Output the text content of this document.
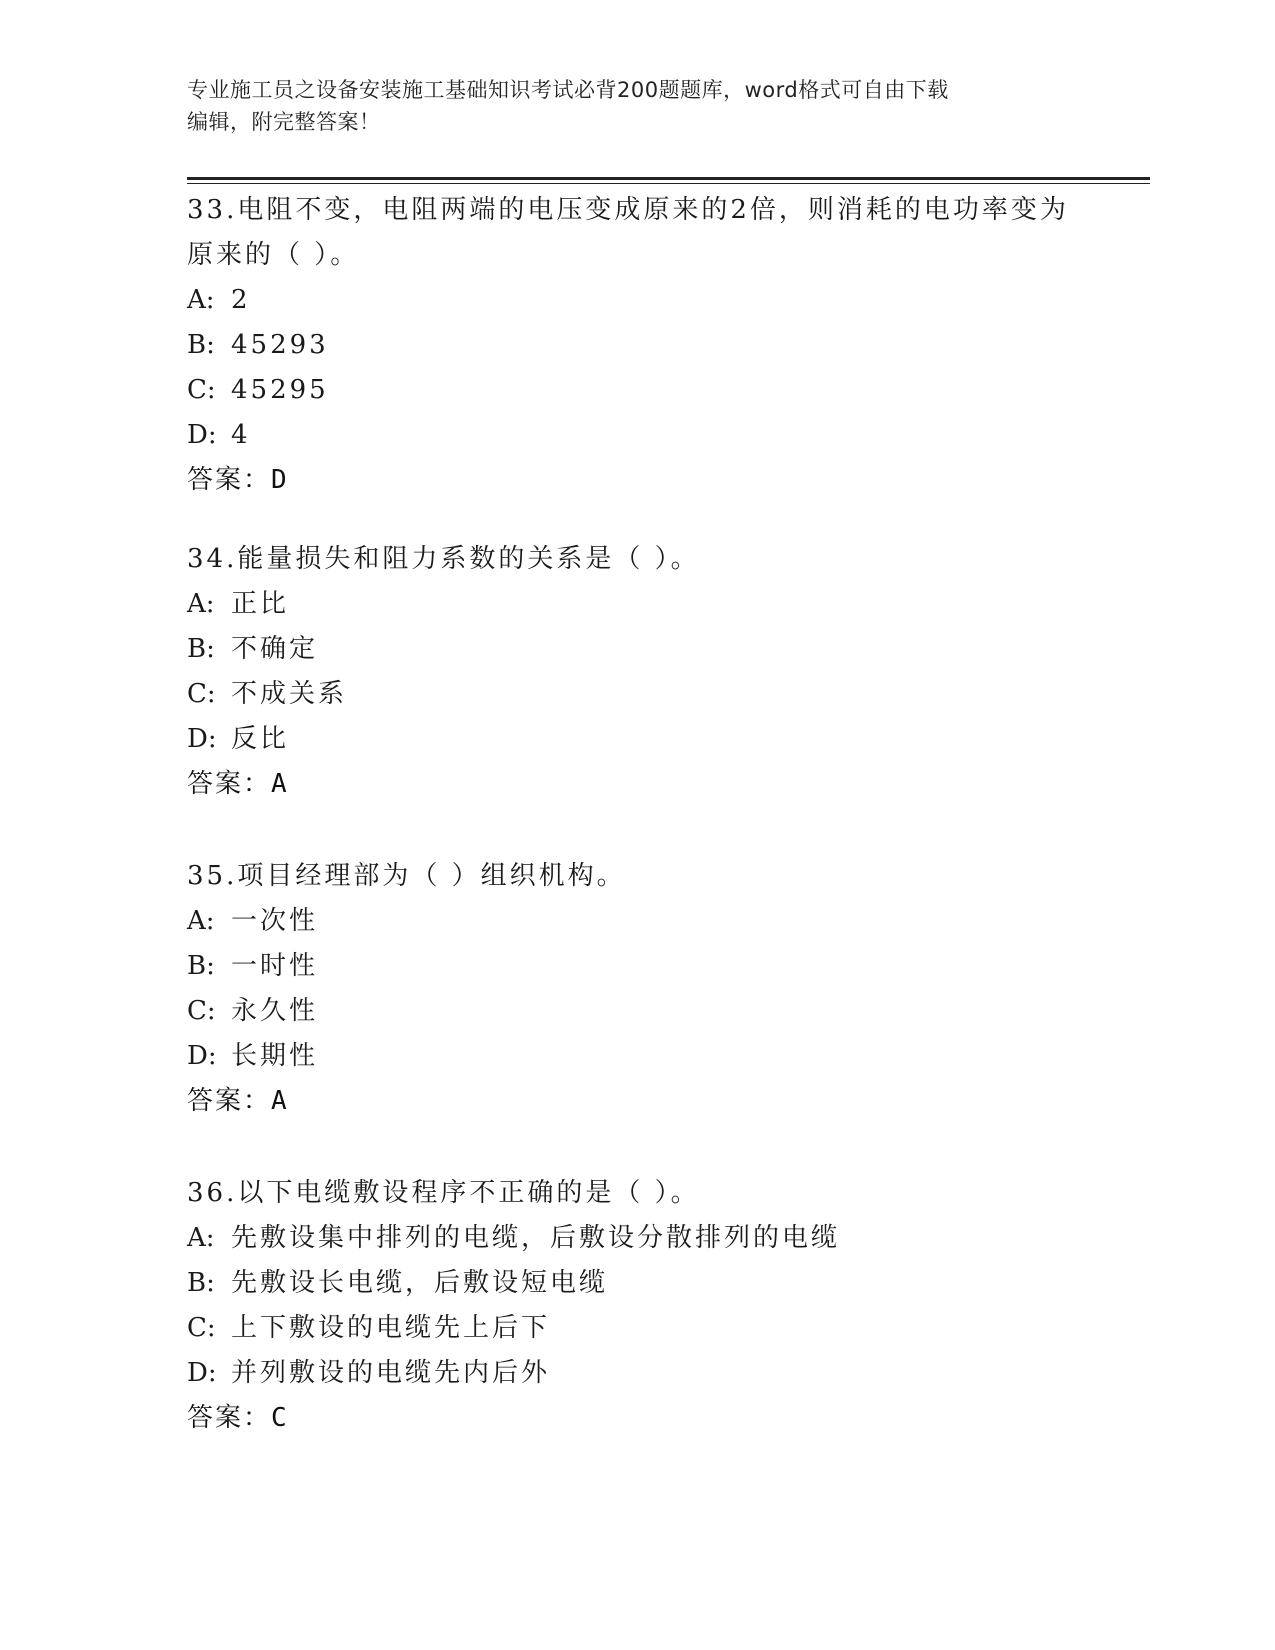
专业施工员之设备安装施工基础知识考试必背200题题库，word格式可自由下载
编辑，附完整答案！
33.电阻不变，电阻两端的电压变成原来的2倍，则消耗的电功率变为
原来的（ ）。
A: 2
B: 45293
C: 45295
D: 4
答案：D
34.能量损失和阻力系数的关系是（ ）。
A: 正比
B: 不确定
C: 不成关系
D: 反比
答案：A
35.项目经理部为（ ）组织机构。
A: 一次性
B: 一时性
C: 永久性
D: 长期性
答案：A
36.以下电缆敷设程序不正确的是（ ）。
A: 先敷设集中排列的电缆，后敷设分散排列的电缆
B: 先敷设长电缆，后敷设短电缆
C: 上下敷设的电缆先上后下
D: 并列敷设的电缆先内后外
答案：C
